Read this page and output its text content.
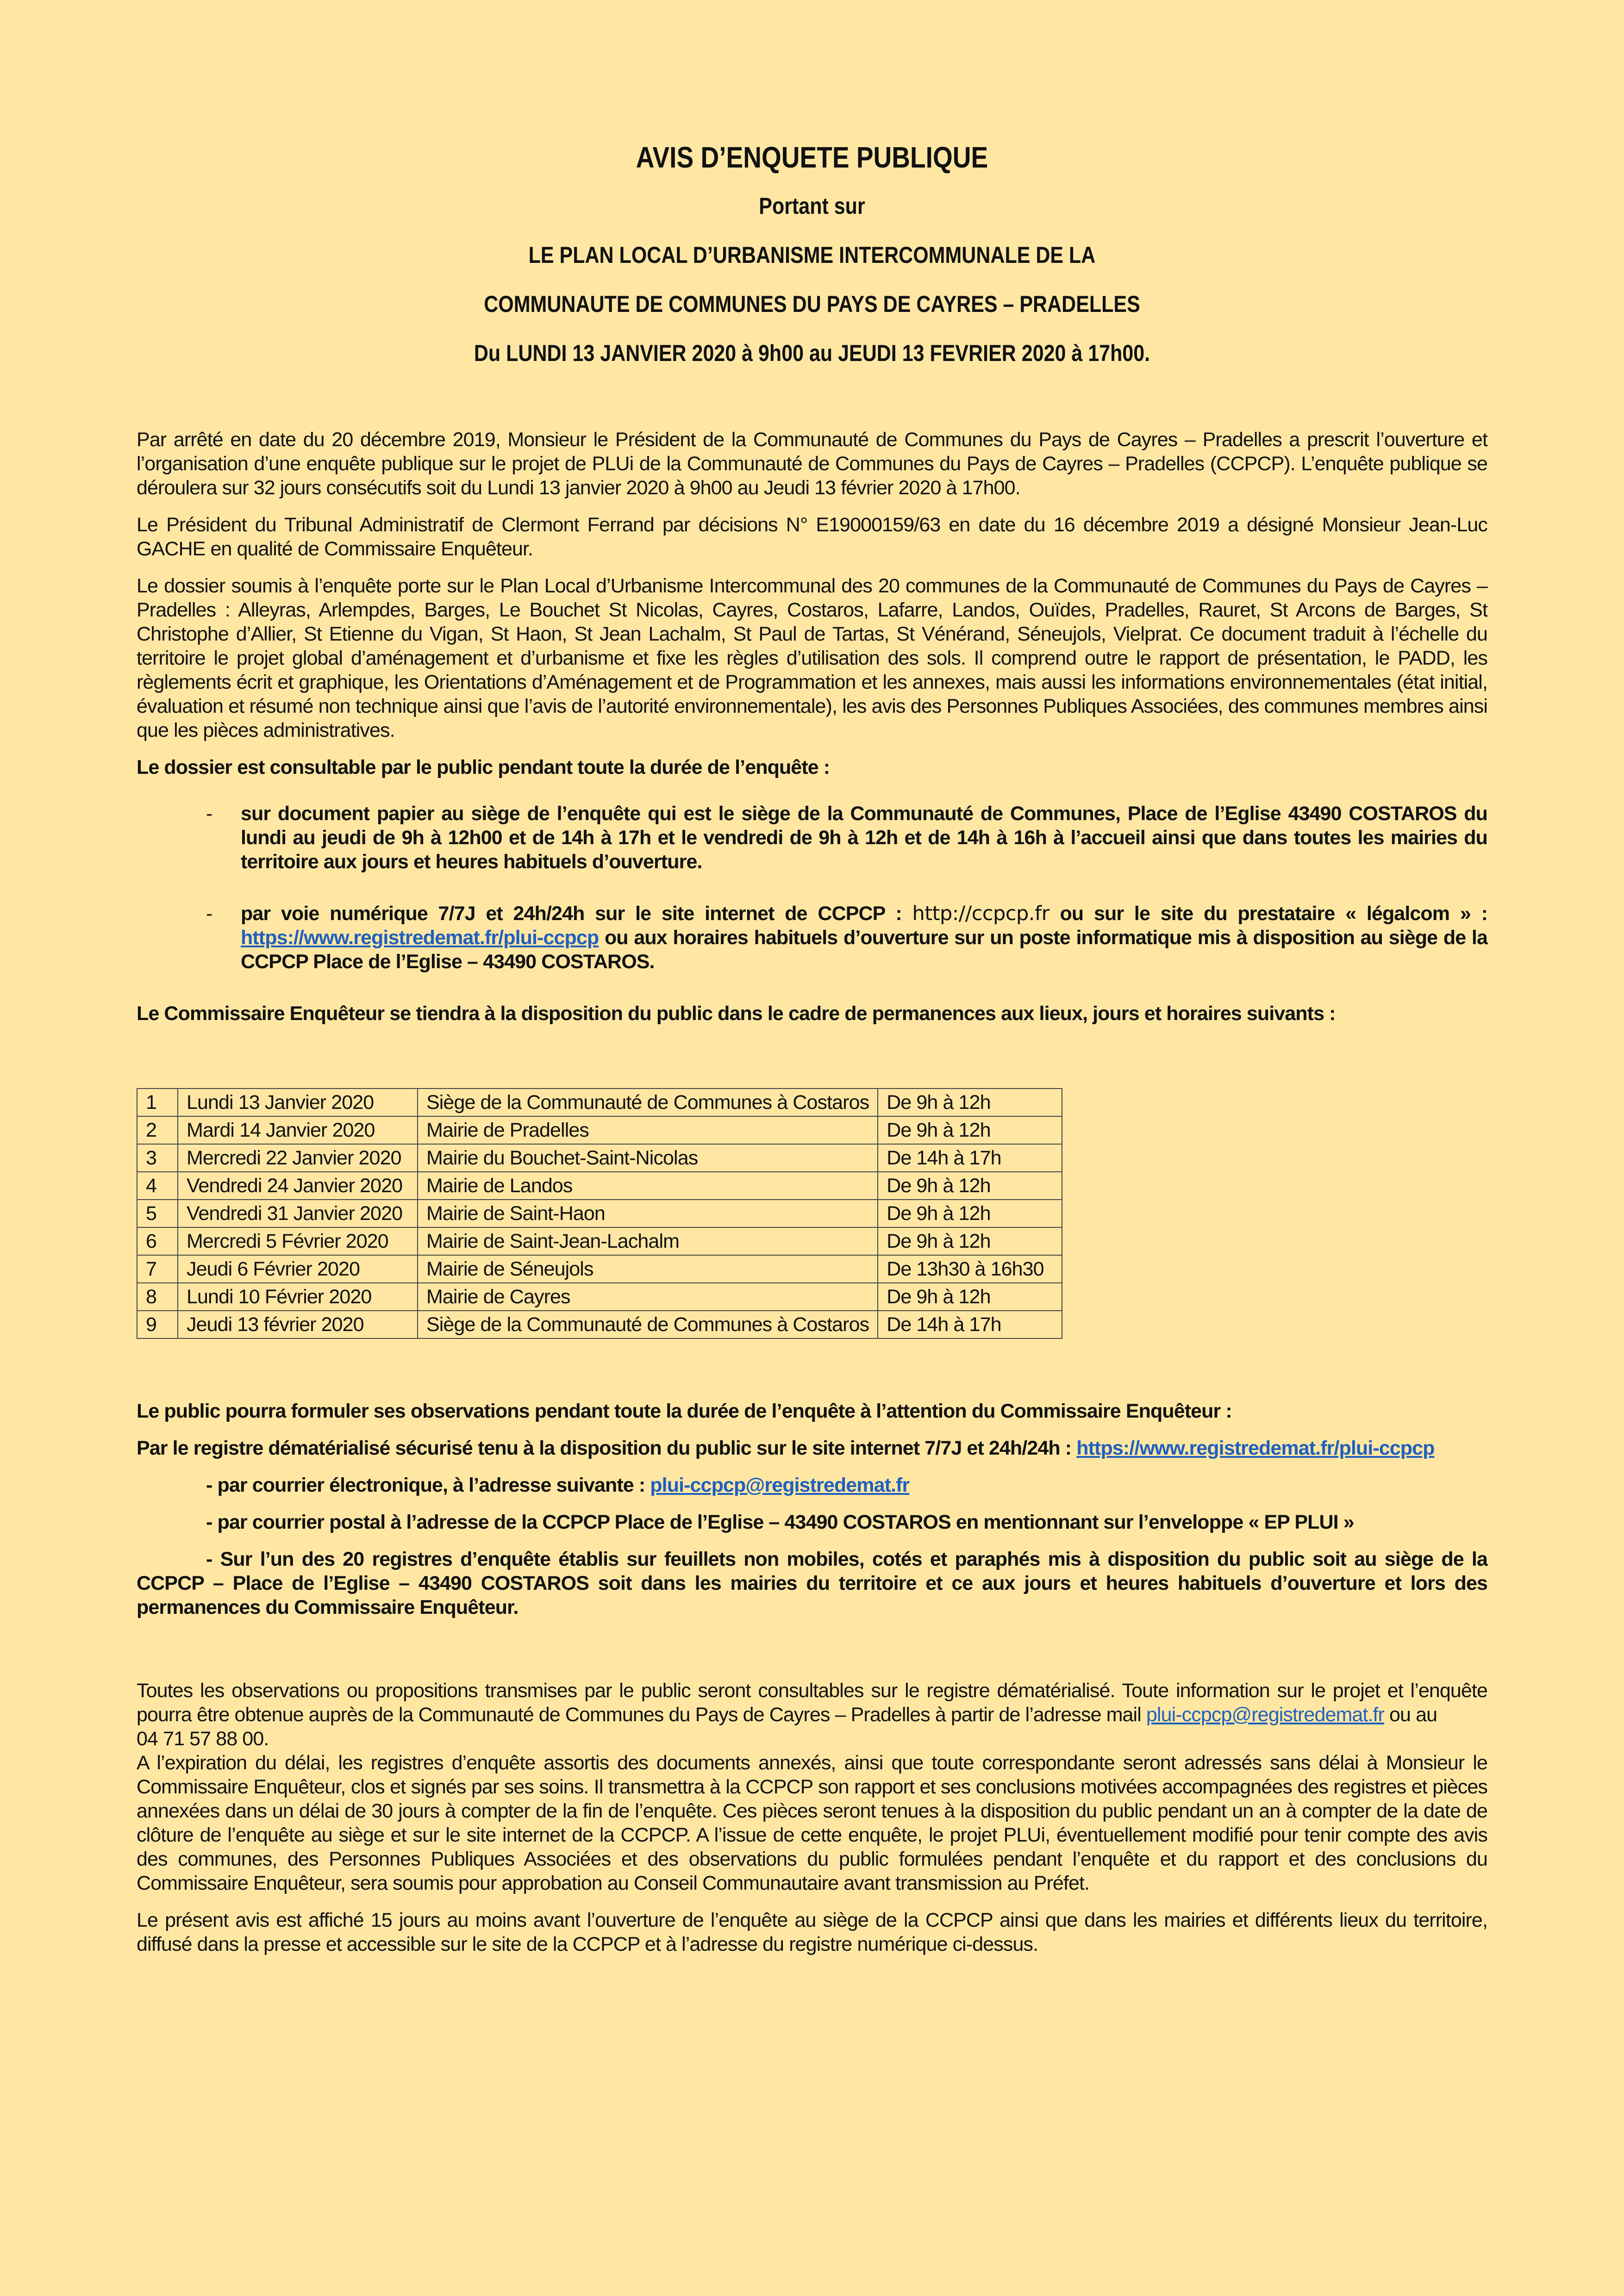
AVIS D’ENQUETE PUBLIQUE
Portant sur
LE PLAN LOCAL D’URBANISME INTERCOMMUNALE DE LA
COMMUNAUTE DE COMMUNES DU PAYS DE CAYRES – PRADELLES
Du LUNDI 13 JANVIER 2020 à 9h00 au JEUDI 13 FEVRIER 2020 à 17h00.

Par arrêté en date du 20 décembre 2019, Monsieur le Président de la Communauté de Communes du Pays de Cayres – Pradelles a prescrit l’ouverture et l’organisation d’une enquête publique sur le projet de PLUi de la Communauté de Communes du Pays de Cayres – Pradelles (CCPCP). L’enquête publique se déroulera sur 32 jours consécutifs soit du Lundi 13 janvier 2020 à 9h00 au Jeudi 13 février 2020 à 17h00.

Le Président du Tribunal Administratif de Clermont Ferrand par décisions N° E19000159/63 en date du 16 décembre 2019 a désigné Monsieur Jean-Luc GACHE en qualité de Commissaire Enquêteur.

Le dossier soumis à l’enquête porte sur le Plan Local d’Urbanisme Intercommunal des 20 communes de la Communauté de Communes du Pays de Cayres – Pradelles : Alleyras, Arlempdes, Barges, Le Bouchet St Nicolas, Cayres, Costaros, Lafarre, Landos, Ouïdes, Pradelles, Rauret, St Arcons de Barges, St Christophe d’Allier, St Etienne du Vigan, St Haon, St Jean Lachalm, St Paul de Tartas, St Vénérand, Séneujols, Vielprat. Ce document traduit à l’échelle du territoire le projet global d’aménagement et d’urbanisme et fixe les règles d’utilisation des sols. Il comprend outre le rapport de présentation, le PADD, les règlements écrit et graphique, les Orientations d’Aménagement et de Programmation et les annexes, mais aussi les informations environnementales (état initial, évaluation et résumé non technique ainsi que l’avis de l’autorité environnementale), les avis des Personnes Publiques Associées, des communes membres ainsi que les pièces administratives.

Le dossier est consultable par le public pendant toute la durée de l’enquête :

- sur document papier au siège de l’enquête qui est le siège de la Communauté de Communes, Place de l’Eglise 43490 COSTAROS du lundi au jeudi de 9h à 12h00 et de 14h à 17h et le vendredi de 9h à 12h et de 14h à 16h à l’accueil ainsi que dans toutes les mairies du territoire aux jours et heures habituels d’ouverture.
- par voie numérique 7/7J et 24h/24h sur le site internet de CCPCP : http://ccpcp.fr ou sur le site du prestataire « légalcom » : https://www.registredemat.fr/plui-ccpcp ou aux horaires habituels d’ouverture sur un poste informatique mis à disposition au siège de la CCPCP Place de l’Eglise – 43490 COSTAROS.

Le Commissaire Enquêteur se tiendra à la disposition du public dans le cadre de permanences aux lieux, jours et horaires suivants :

1	Lundi 13 Janvier 2020	Siège de la Communauté de Communes à Costaros	De 9h à 12h
2	Mardi 14 Janvier 2020	Mairie de Pradelles	De 9h à 12h
3	Mercredi 22 Janvier 2020	Mairie du Bouchet-Saint-Nicolas	De 14h à 17h
4	Vendredi 24 Janvier 2020	Mairie de Landos	De 9h à 12h
5	Vendredi 31 Janvier 2020	Mairie de Saint-Haon	De 9h à 12h
6	Mercredi 5 Février 2020	Mairie de Saint-Jean-Lachalm	De 9h à 12h
7	Jeudi 6 Février 2020	Mairie de Séneujols	De 13h30 à 16h30
8	Lundi 10 Février 2020	Mairie de Cayres	De 9h à 12h
9	Jeudi 13 février 2020	Siège de la Communauté de Communes à Costaros	De 14h à 17h

Le public pourra formuler ses observations pendant toute la durée de l’enquête à l’attention du Commissaire Enquêteur :

Par le registre dématérialisé sécurisé tenu à la disposition du public sur le site internet 7/7J et 24h/24h : https://www.registredemat.fr/plui-ccpcp

- par courrier électronique, à l’adresse suivante : plui-ccpcp@registredemat.fr

- par courrier postal à l’adresse de la CCPCP Place de l’Eglise – 43490 COSTAROS en mentionnant sur l’enveloppe « EP PLUI »

- Sur l’un des 20 registres d’enquête établis sur feuillets non mobiles, cotés et paraphés mis à disposition du public soit au siège de la CCPCP – Place de l’Eglise – 43490 COSTAROS soit dans les mairies du territoire et ce aux jours et heures habituels d’ouverture et lors des permanences du Commissaire Enquêteur.

Toutes les observations ou propositions transmises par le public seront consultables sur le registre dématérialisé. Toute information sur le projet et l’enquête pourra être obtenue auprès de la Communauté de Communes du Pays de Cayres – Pradelles à partir de l’adresse mail plui-ccpcp@registredemat.fr ou au
04 71 57 88 00.

A l’expiration du délai, les registres d’enquête assortis des documents annexés, ainsi que toute correspondante seront adressés sans délai à Monsieur le Commissaire Enquêteur, clos et signés par ses soins. Il transmettra à la CCPCP son rapport et ses conclusions motivées accompagnées des registres et pièces annexées dans un délai de 30 jours à compter de la fin de l’enquête. Ces pièces seront tenues à la disposition du public pendant un an à compter de la date de clôture de l’enquête au siège et sur le site internet de la CCPCP. A l’issue de cette enquête, le projet PLUi, éventuellement modifié pour tenir compte des avis des communes, des Personnes Publiques Associées et des observations du public formulées pendant l’enquête et du rapport et des conclusions du Commissaire Enquêteur, sera soumis pour approbation au Conseil Communautaire avant transmission au Préfet.

Le présent avis est affiché 15 jours au moins avant l’ouverture de l’enquête au siège de la CCPCP ainsi que dans les mairies et différents lieux du territoire, diffusé dans la presse et accessible sur le site de la CCPCP et à l’adresse du registre numérique ci-dessus.
